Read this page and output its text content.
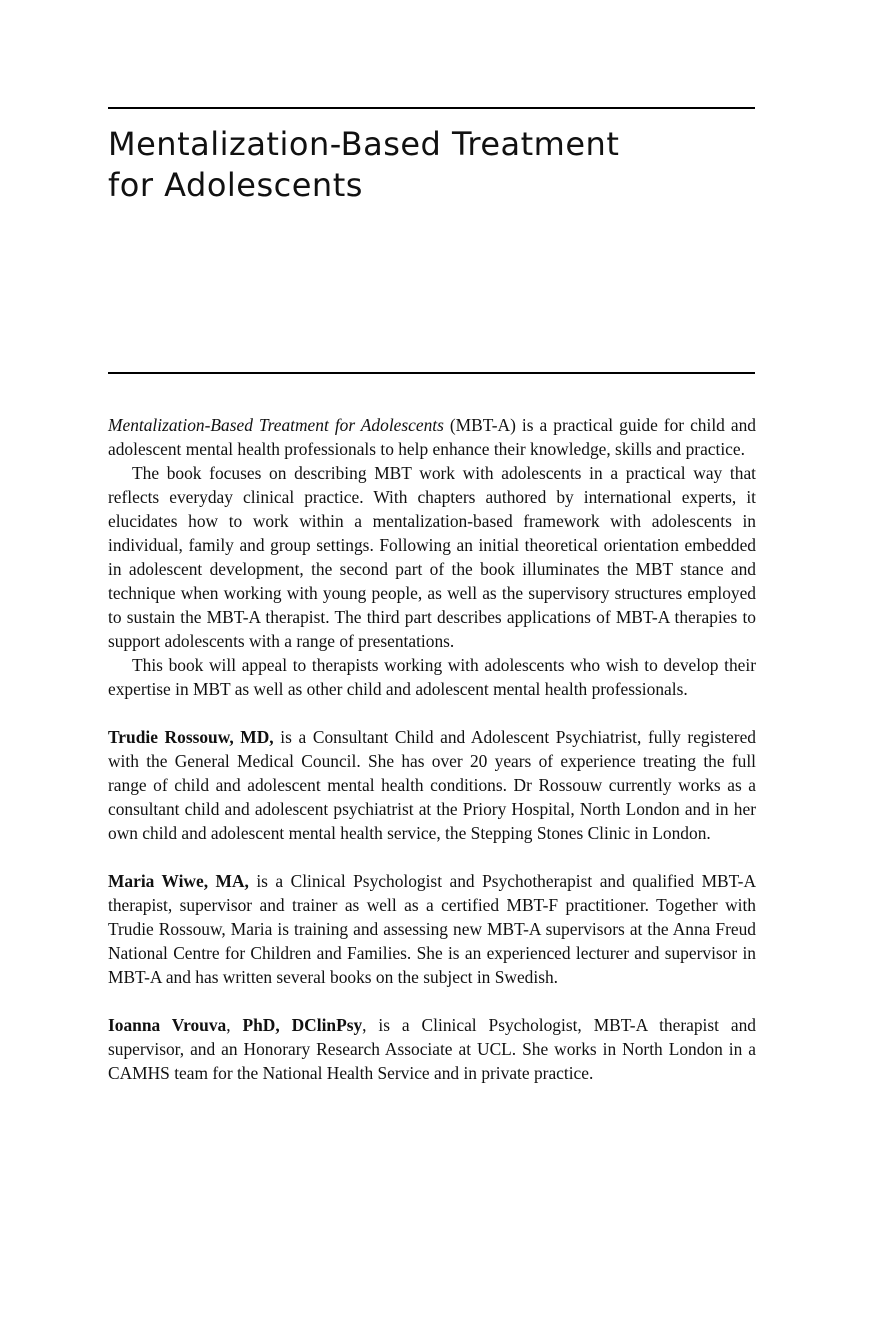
Mentalization-Based Treatment
for Adolescents

Mentalization-Based Treatment for Adolescents (MBT-A) is a practical guide for child and adolescent mental health professionals to help enhance their knowledge, skills and practice.

The book focuses on describing MBT work with adolescents in a practical way that reflects everyday clinical practice. With chapters authored by international experts, it elucidates how to work within a mentalization-based framework with adolescents in individual, family and group settings. Following an initial theoretical orientation embedded in adolescent development, the second part of the book illuminates the MBT stance and technique when working with young people, as well as the supervisory structures employed to sustain the MBT-A therapist. The third part describes applications of MBT-A therapies to support adolescents with a range of presentations.

This book will appeal to therapists working with adolescents who wish to develop their expertise in MBT as well as other child and adolescent mental health professionals.

Trudie Rossouw, MD, is a Consultant Child and Adolescent Psychiatrist, fully registered with the General Medical Council. She has over 20 years of experience treating the full range of child and adolescent mental health conditions. Dr Rossouw currently works as a consultant child and adolescent psychiatrist at the Priory Hospital, North London and in her own child and adolescent mental health service, the Stepping Stones Clinic in London.

Maria Wiwe, MA, is a Clinical Psychologist and Psychotherapist and qualified MBT-A therapist, supervisor and trainer as well as a certified MBT-F practitioner. Together with Trudie Rossouw, Maria is training and assessing new MBT-A supervisors at the Anna Freud National Centre for Children and Families. She is an experienced lecturer and supervisor in MBT-A and has written several books on the subject in Swedish.

Ioanna Vrouva, PhD, DClinPsy, is a Clinical Psychologist, MBT-A therapist and supervisor, and an Honorary Research Associate at UCL. She works in North London in a CAMHS team for the National Health Service and in private practice.
